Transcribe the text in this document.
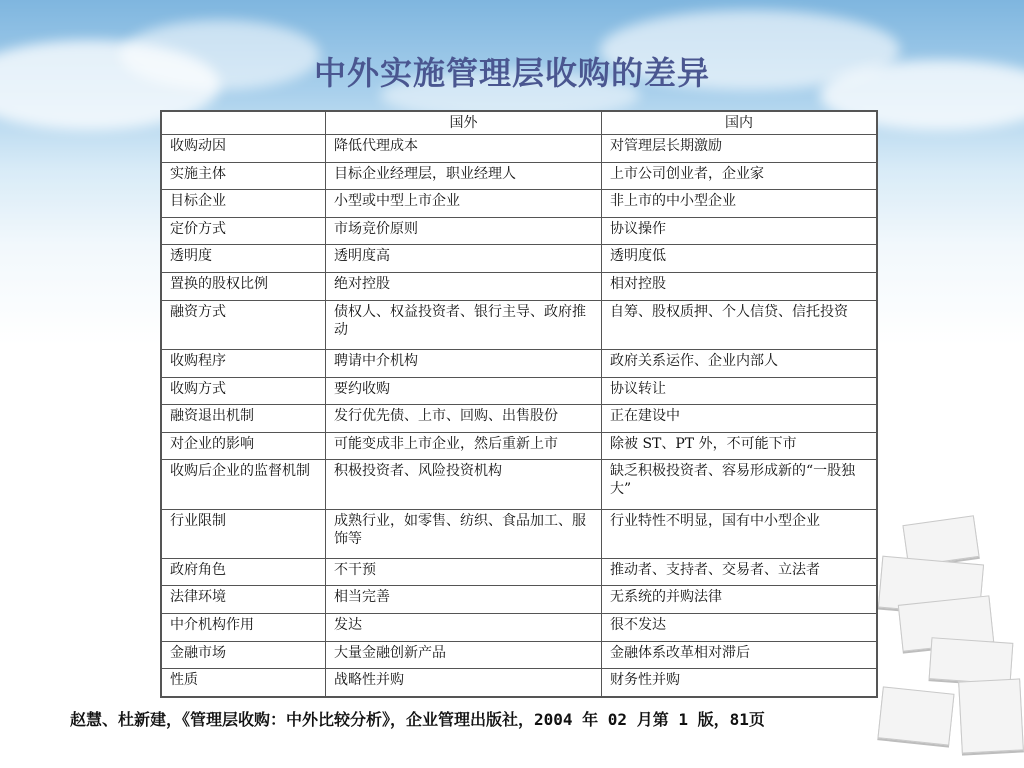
中外实施管理层收购的差异
	国外	国内
收购动因	降低代理成本	对管理层长期激励
实施主体	目标企业经理层，职业经理人	上市公司创业者，企业家
目标企业	小型或中型上市企业	非上市的中小型企业
定价方式	市场竞价原则	协议操作
透明度	透明度高	透明度低
置换的股权比例	绝对控股	相对控股
融资方式	债权人、权益投资者、银行主导、政府推动	自筹、股权质押、个人信贷、信托投资
收购程序	聘请中介机构	政府关系运作、企业内部人
收购方式	要约收购	协议转让
融资退出机制	发行优先债、上市、回购、出售股份	正在建设中
对企业的影响	可能变成非上市企业，然后重新上市	除被 ST、PT 外，不可能下市
收购后企业的监督机制	积极投资者、风险投资机构	缺乏积极投资者、容易形成新的“一股独大”
行业限制	成熟行业，如零售、纺织、食品加工、服饰等	行业特性不明显，国有中小型企业
政府角色	不干预	推动者、支持者、交易者、立法者
法律环境	相当完善	无系统的并购法律
中介机构作用	发达	很不发达
金融市场	大量金融创新产品	金融体系改革相对滞后
性质	战略性并购	财务性并购
赵慧、杜新建，《管理层收购：中外比较分析》，企业管理出版社，2004 年 02 月第 1 版，81页
